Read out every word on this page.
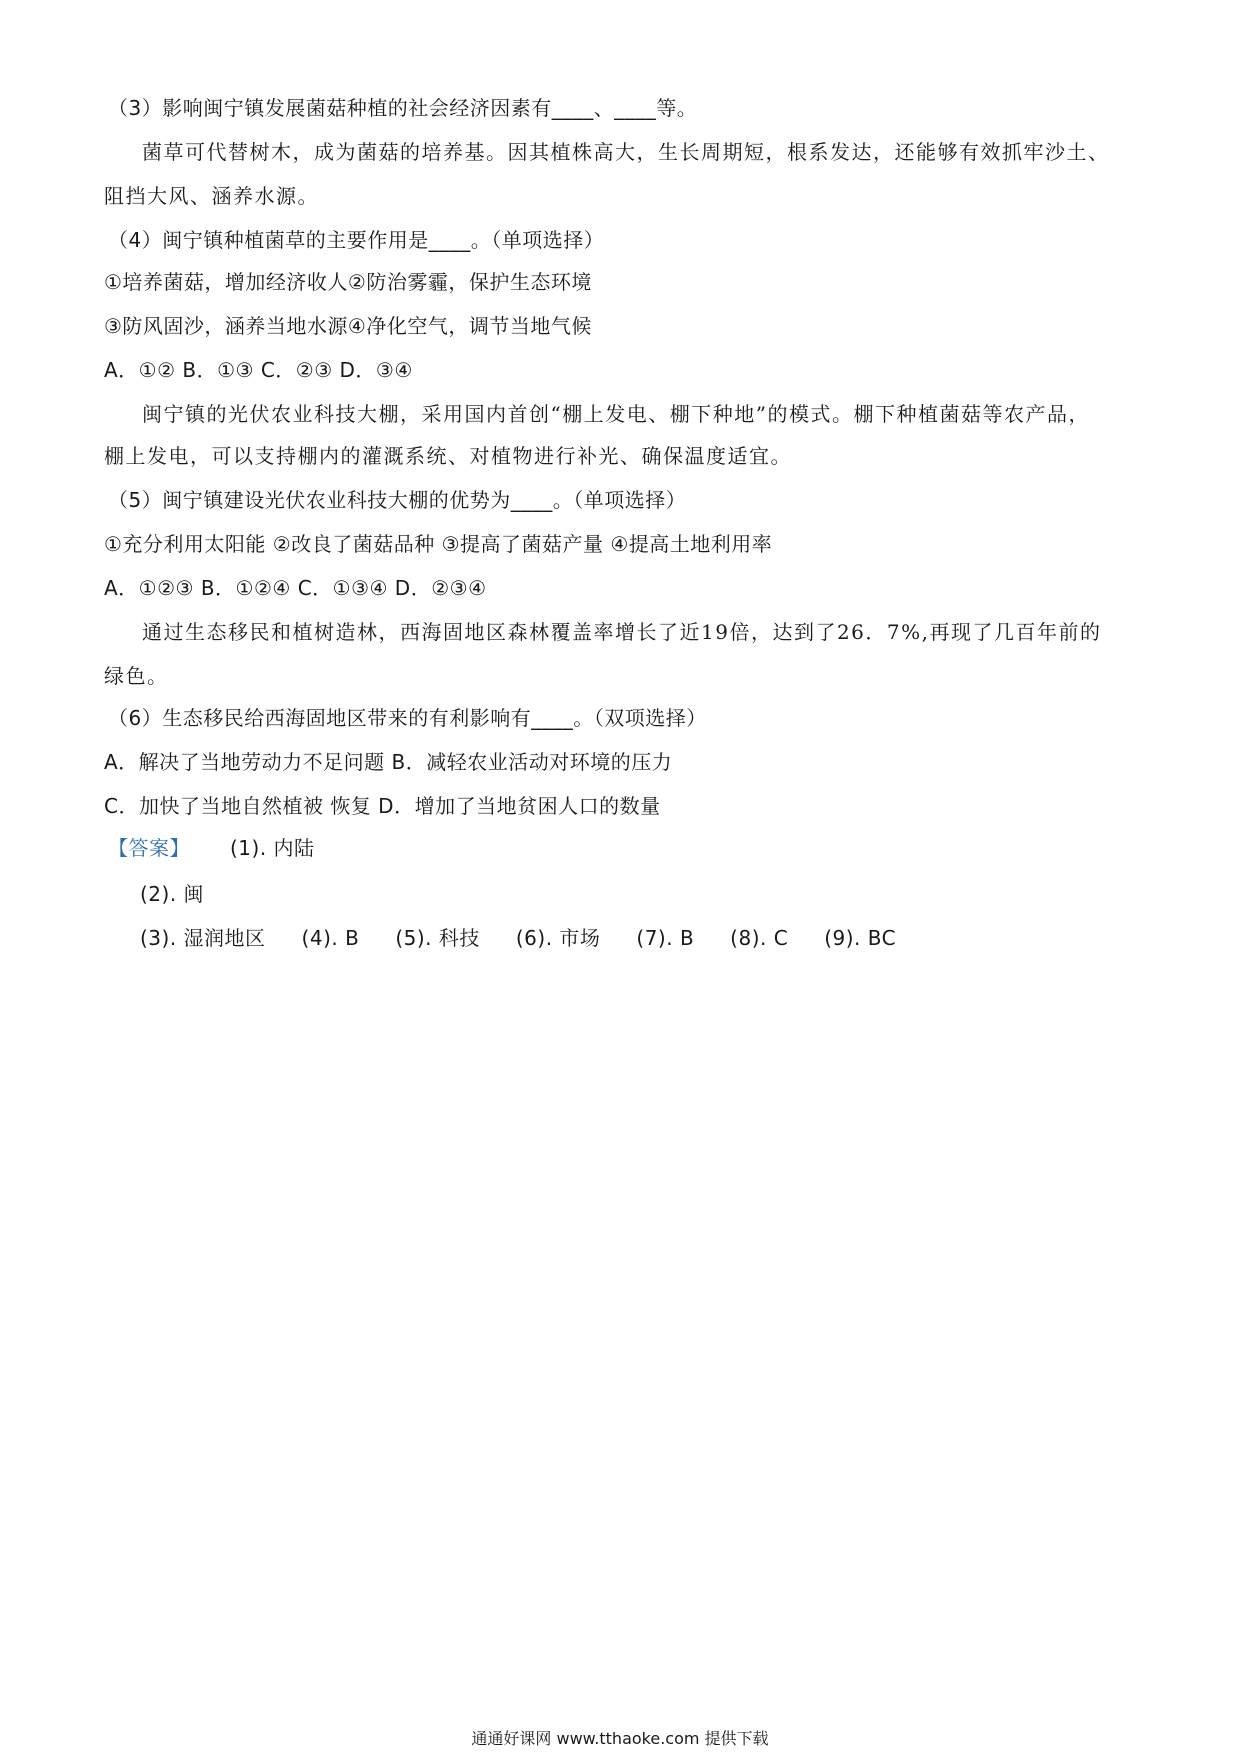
（3）影响闽宁镇发展菌菇种植的社会经济因素有____、____等。
菌草可代替树木，成为菌菇的培养基。因其植株高大，生长周期短，根系发达，还能够有效抓牢沙土、
阻挡大风、涵养水源。
（4）闽宁镇种植菌草的主要作用是____。（单项选择）
①培养菌菇，增加经济收人②防治雾霾，保护生态环境
③防风固沙，涵养当地水源④净化空气，调节当地气候
A．①② B．①③ C．②③ D．③④
闽宁镇的光伏农业科技大棚，采用国内首创“棚上发电、棚下种地”的模式。棚下种植菌菇等农产品，
棚上发电，可以支持棚内的灌溉系统、对植物进行补光、确保温度适宜。
（5）闽宁镇建设光伏农业科技大棚的优势为____。（单项选择）
①充分利用太阳能 ②改良了菌菇品种 ③提高了菌菇产量 ④提高土地利用率
A．①②③ B．①②④ C．①③④ D．②③④
通过生态移民和植树造林，西海固地区森林覆盖率增长了近19倍，达到了26．7%,再现了几百年前的
绿色。
（6）生态移民给西海固地区带来的有利影响有____。（双项选择）
A．解决了当地劳动力不足问题 B．减轻农业活动对环境的压力
C．加快了当地自然植被 恢复 D．增加了当地贫困人口的数量
【答案】 (1). 内陆
(2). 闽
(3). 湿润地区 (4). B (5). 科技 (6). 市场 (7). B (8). C (9). BC
通通好课网 www.tthaoke.com 提供下载
